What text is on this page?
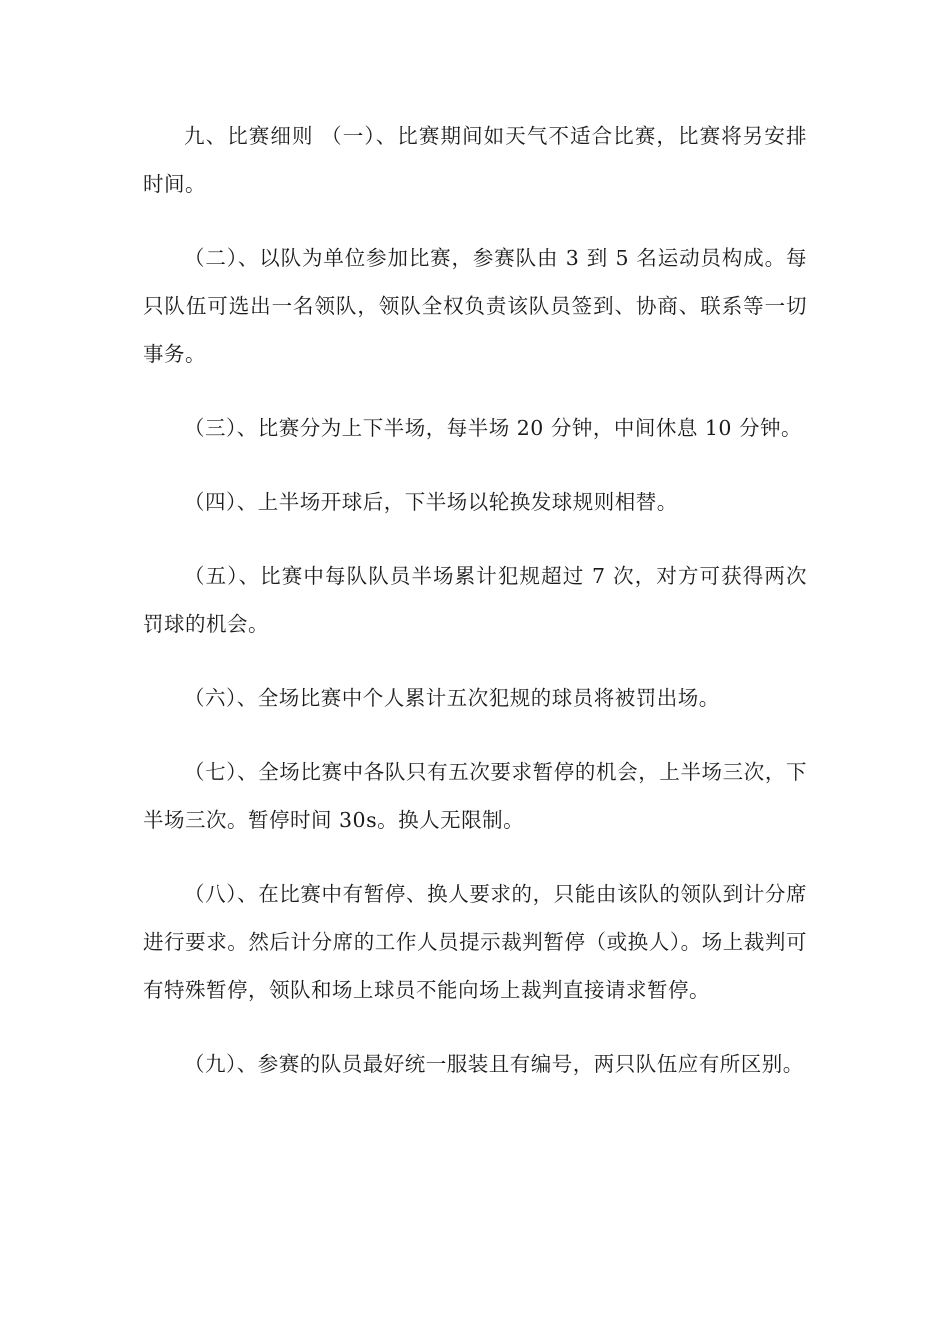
九、比赛细则 （一）、比赛期间如天气不适合比赛，比赛将另安排时间。

（二）、以队为单位参加比赛，参赛队由 3 到 5 名运动员构成。每只队伍可选出一名领队，领队全权负责该队员签到、协商、联系等一切事务。

（三）、比赛分为上下半场，每半场 20 分钟，中间休息 10 分钟。

（四）、上半场开球后，下半场以轮换发球规则相替。

（五）、比赛中每队队员半场累计犯规超过 7 次，对方可获得两次罚球的机会。

（六）、全场比赛中个人累计五次犯规的球员将被罚出场。

（七）、全场比赛中各队只有五次要求暂停的机会，上半场三次，下半场三次。暂停时间 30s。换人无限制。

（八）、在比赛中有暂停、换人要求的，只能由该队的领队到计分席进行要求。然后计分席的工作人员提示裁判暂停（或换人）。场上裁判可有特殊暂停，领队和场上球员不能向场上裁判直接请求暂停。

（九）、参赛的队员最好统一服装且有编号，两只队伍应有所区别。
